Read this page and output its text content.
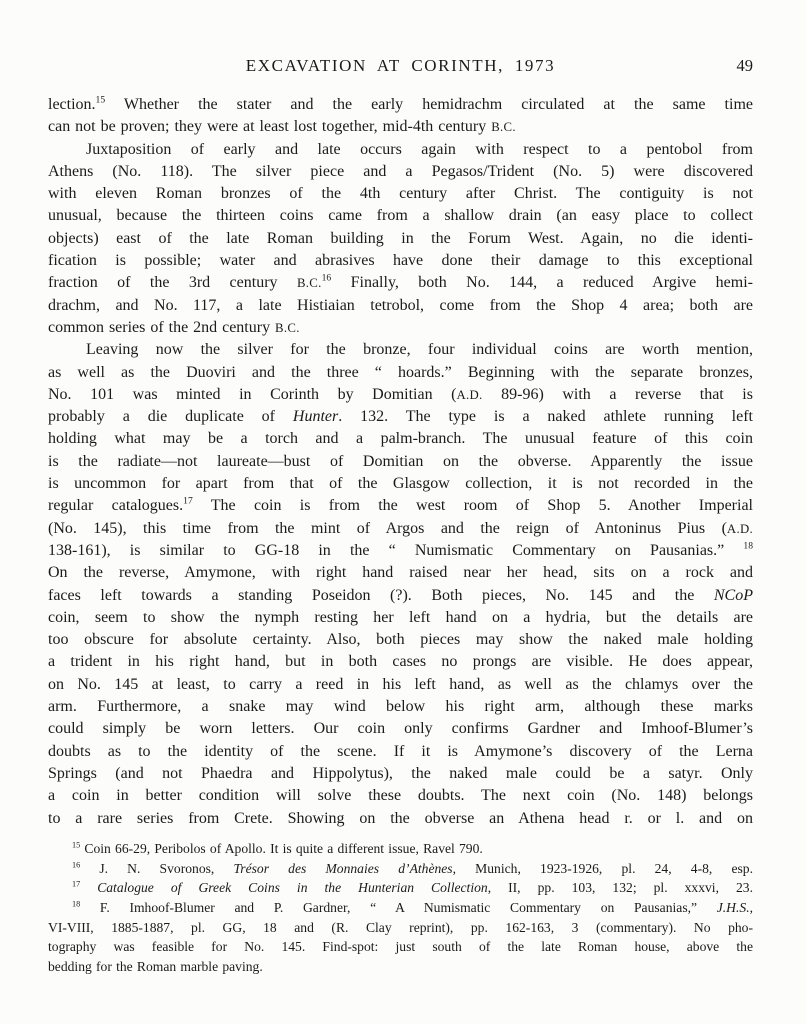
EXCAVATION AT CORINTH, 1973	49
lection.$^{15}$ Whether the stater and the early hemidrachm circulated at the same time
can not be proven; they were at least lost together, mid-4th century B.C.
Juxtaposition of early and late occurs again with respect to a pentobol from
Athens (No. 118). The silver piece and a Pegasos/Trident (No. 5) were discovered
with eleven Roman bronzes of the 4th century after Christ. The contiguity is not
unusual, because the thirteen coins came from a shallow drain (an easy place to collect
objects) east of the late Roman building in the Forum West. Again, no die identi-
fication is possible; water and abrasives have done their damage to this exceptional
fraction of the 3rd century B.C.$^{16}$ Finally, both No. 144, a reduced Argive hemi-
drachm, and No. 117, a late Histiaian tetrobol, come from the Shop 4 area; both are
common series of the 2nd century B.C.
Leaving now the silver for the bronze, four individual coins are worth mention,
as well as the Duoviri and the three “ hoards.” Beginning with the separate bronzes,
No. 101 was minted in Corinth by Domitian (A.D. 89-96) with a reverse that is
probably a die duplicate of Hunter. 132. The type is a naked athlete running left
holding what may be a torch and a palm-branch. The unusual feature of this coin
is the radiate—not laureate—bust of Domitian on the obverse. Apparently the issue
is uncommon for apart from that of the Glasgow collection, it is not recorded in the
regular catalogues.$^{17}$ The coin is from the west room of Shop 5. Another Imperial
(No. 145), this time from the mint of Argos and the reign of Antoninus Pius (A.D.
138-161), is similar to GG-18 in the “ Numismatic Commentary on Pausanias.” $^{18}$
On the reverse, Amymone, with right hand raised near her head, sits on a rock and
faces left towards a standing Poseidon (?). Both pieces, No. 145 and the NCoP
coin, seem to show the nymph resting her left hand on a hydria, but the details are
too obscure for absolute certainty. Also, both pieces may show the naked male holding
a trident in his right hand, but in both cases no prongs are visible. He does appear,
on No. 145 at least, to carry a reed in his left hand, as well as the chlamys over the
arm. Furthermore, a snake may wind below his right arm, although these marks
could simply be worn letters. Our coin only confirms Gardner and Imhoof-Blumer’s
doubts as to the identity of the scene. If it is Amymone’s discovery of the Lerna
Springs (and not Phaedra and Hippolytus), the naked male could be a satyr. Only
a coin in better condition will solve these doubts. The next coin (No. 148) belongs
to a rare series from Crete. Showing on the obverse an Athena head r. or l. and on
$^{15}$ Coin 66-29, Peribolos of Apollo. It is quite a different issue, Ravel 790.
$^{16}$ J. N. Svoronos, Trésor des Monnaies d’Athènes, Munich, 1923-1926, pl. 24, 4-8, esp.
$^{17}$ Catalogue of Greek Coins in the Hunterian Collection, II, pp. 103, 132; pl. xxxvi, 23.
$^{18}$ F. Imhoof-Blumer and P. Gardner, “ A Numismatic Commentary on Pausanias,” J.H.S.,
VI-VIII, 1885-1887, pl. GG, 18 and (R. Clay reprint), pp. 162-163, 3 (commentary). No pho-
tography was feasible for No. 145. Find-spot: just south of the late Roman house, above the
bedding for the Roman marble paving.
